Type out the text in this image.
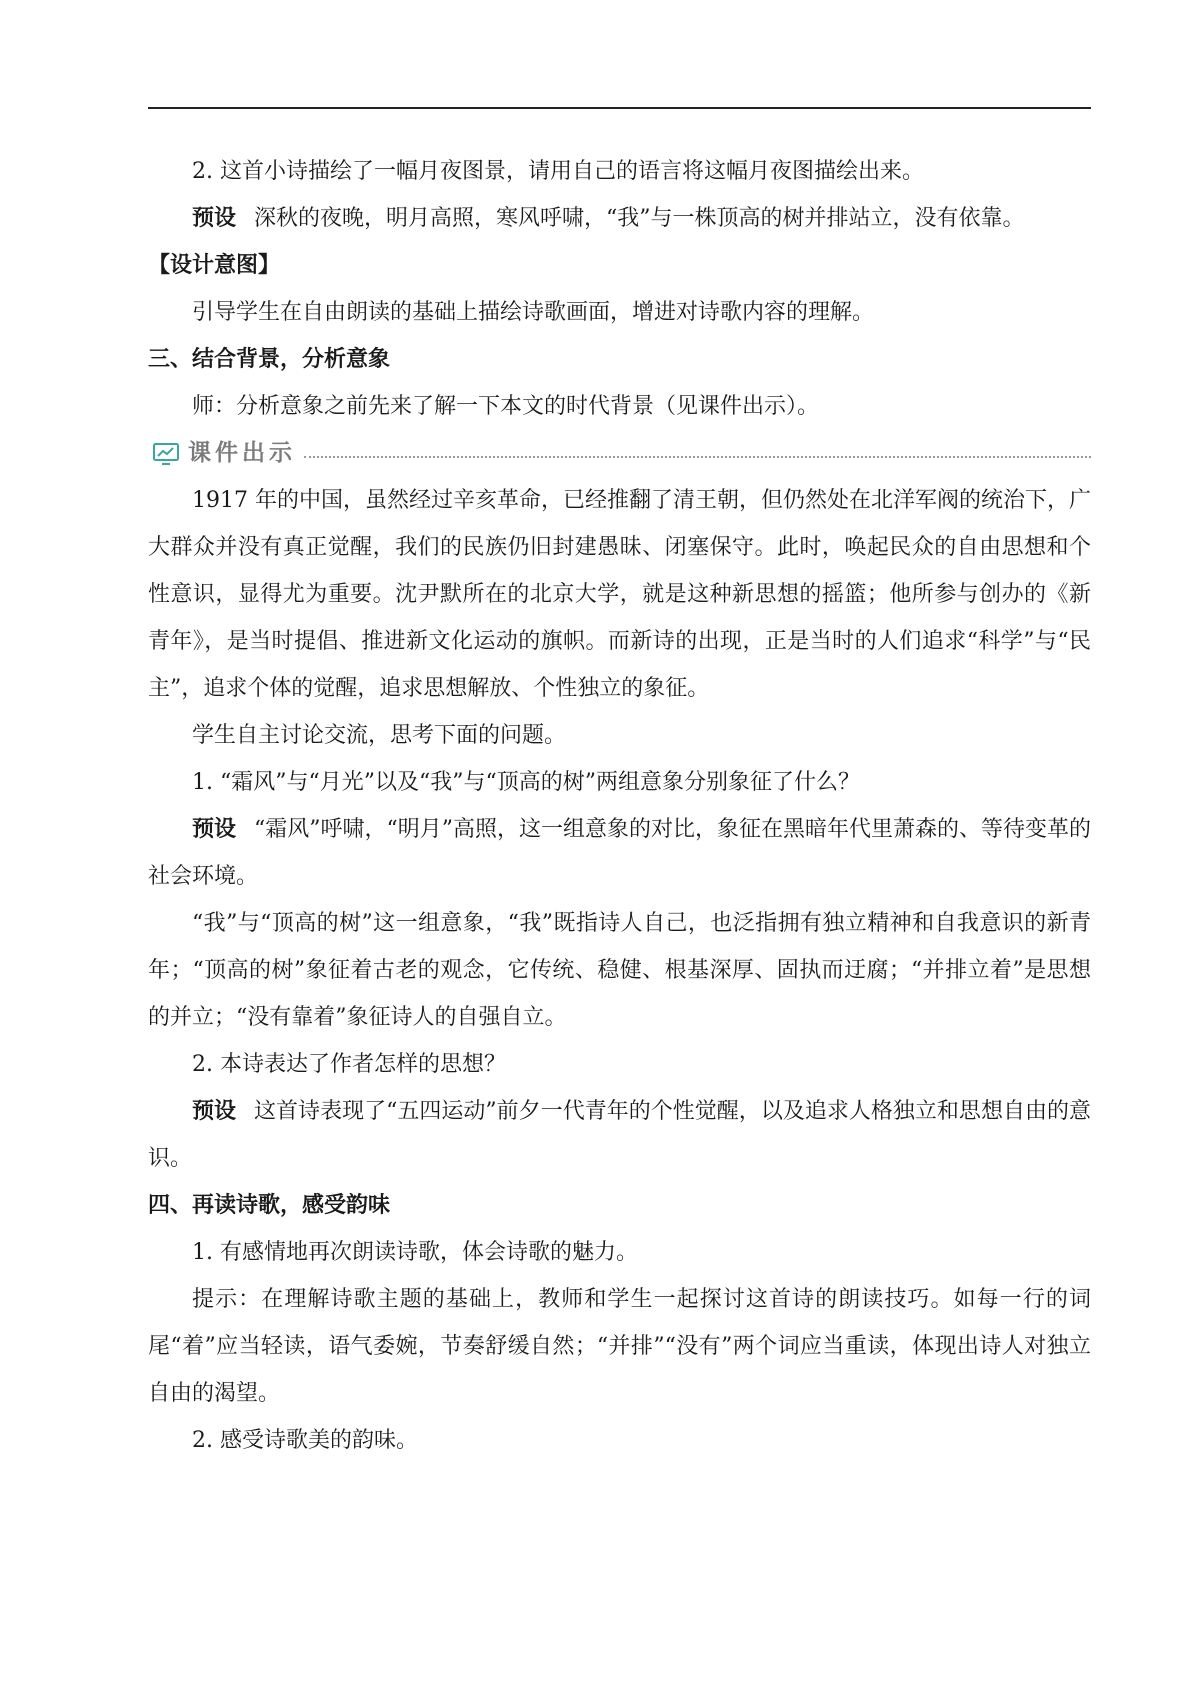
2. 这首小诗描绘了一幅月夜图景，请用自己的语言将这幅月夜图描绘出来。

预设 深秋的夜晚，明月高照，寒风呼啸，“我”与一株顶高的树并排站立，没有依靠。

【设计意图】

引导学生在自由朗读的基础上描绘诗歌画面，增进对诗歌内容的理解。

三、结合背景，分析意象

师：分析意象之前先来了解一下本文的时代背景（见课件出示）。

课件出示

1917 年的中国，虽然经过辛亥革命，已经推翻了清王朝，但仍然处在北洋军阀的统治下，广大群众并没有真正觉醒，我们的民族仍旧封建愚昧、闭塞保守。此时，唤起民众的自由思想和个性意识，显得尤为重要。沈尹默所在的北京大学，就是这种新思想的摇篮；他所参与创办的《新青年》，是当时提倡、推进新文化运动的旗帜。而新诗的出现，正是当时的人们追求“科学”与“民主”，追求个体的觉醒，追求思想解放、个性独立的象征。

学生自主讨论交流，思考下面的问题。

1. “霜风”与“月光”以及“我”与“顶高的树”两组意象分别象征了什么？

预设 “霜风”呼啸，“明月”高照，这一组意象的对比，象征在黑暗年代里萧森的、等待变革的社会环境。

“我”与“顶高的树”这一组意象，“我”既指诗人自己，也泛指拥有独立精神和自我意识的新青年；“顶高的树”象征着古老的观念，它传统、稳健、根基深厚、固执而迂腐；“并排立着”是思想的并立；“没有靠着”象征诗人的自强自立。

2. 本诗表达了作者怎样的思想？

预设 这首诗表现了“五四运动”前夕一代青年的个性觉醒，以及追求人格独立和思想自由的意识。

四、再读诗歌，感受韵味

1. 有感情地再次朗读诗歌，体会诗歌的魅力。

提示：在理解诗歌主题的基础上，教师和学生一起探讨这首诗的朗读技巧。如每一行的词尾“着”应当轻读，语气委婉，节奏舒缓自然；“并排”“没有”两个词应当重读，体现出诗人对独立自由的渴望。

2. 感受诗歌美的韵味。
